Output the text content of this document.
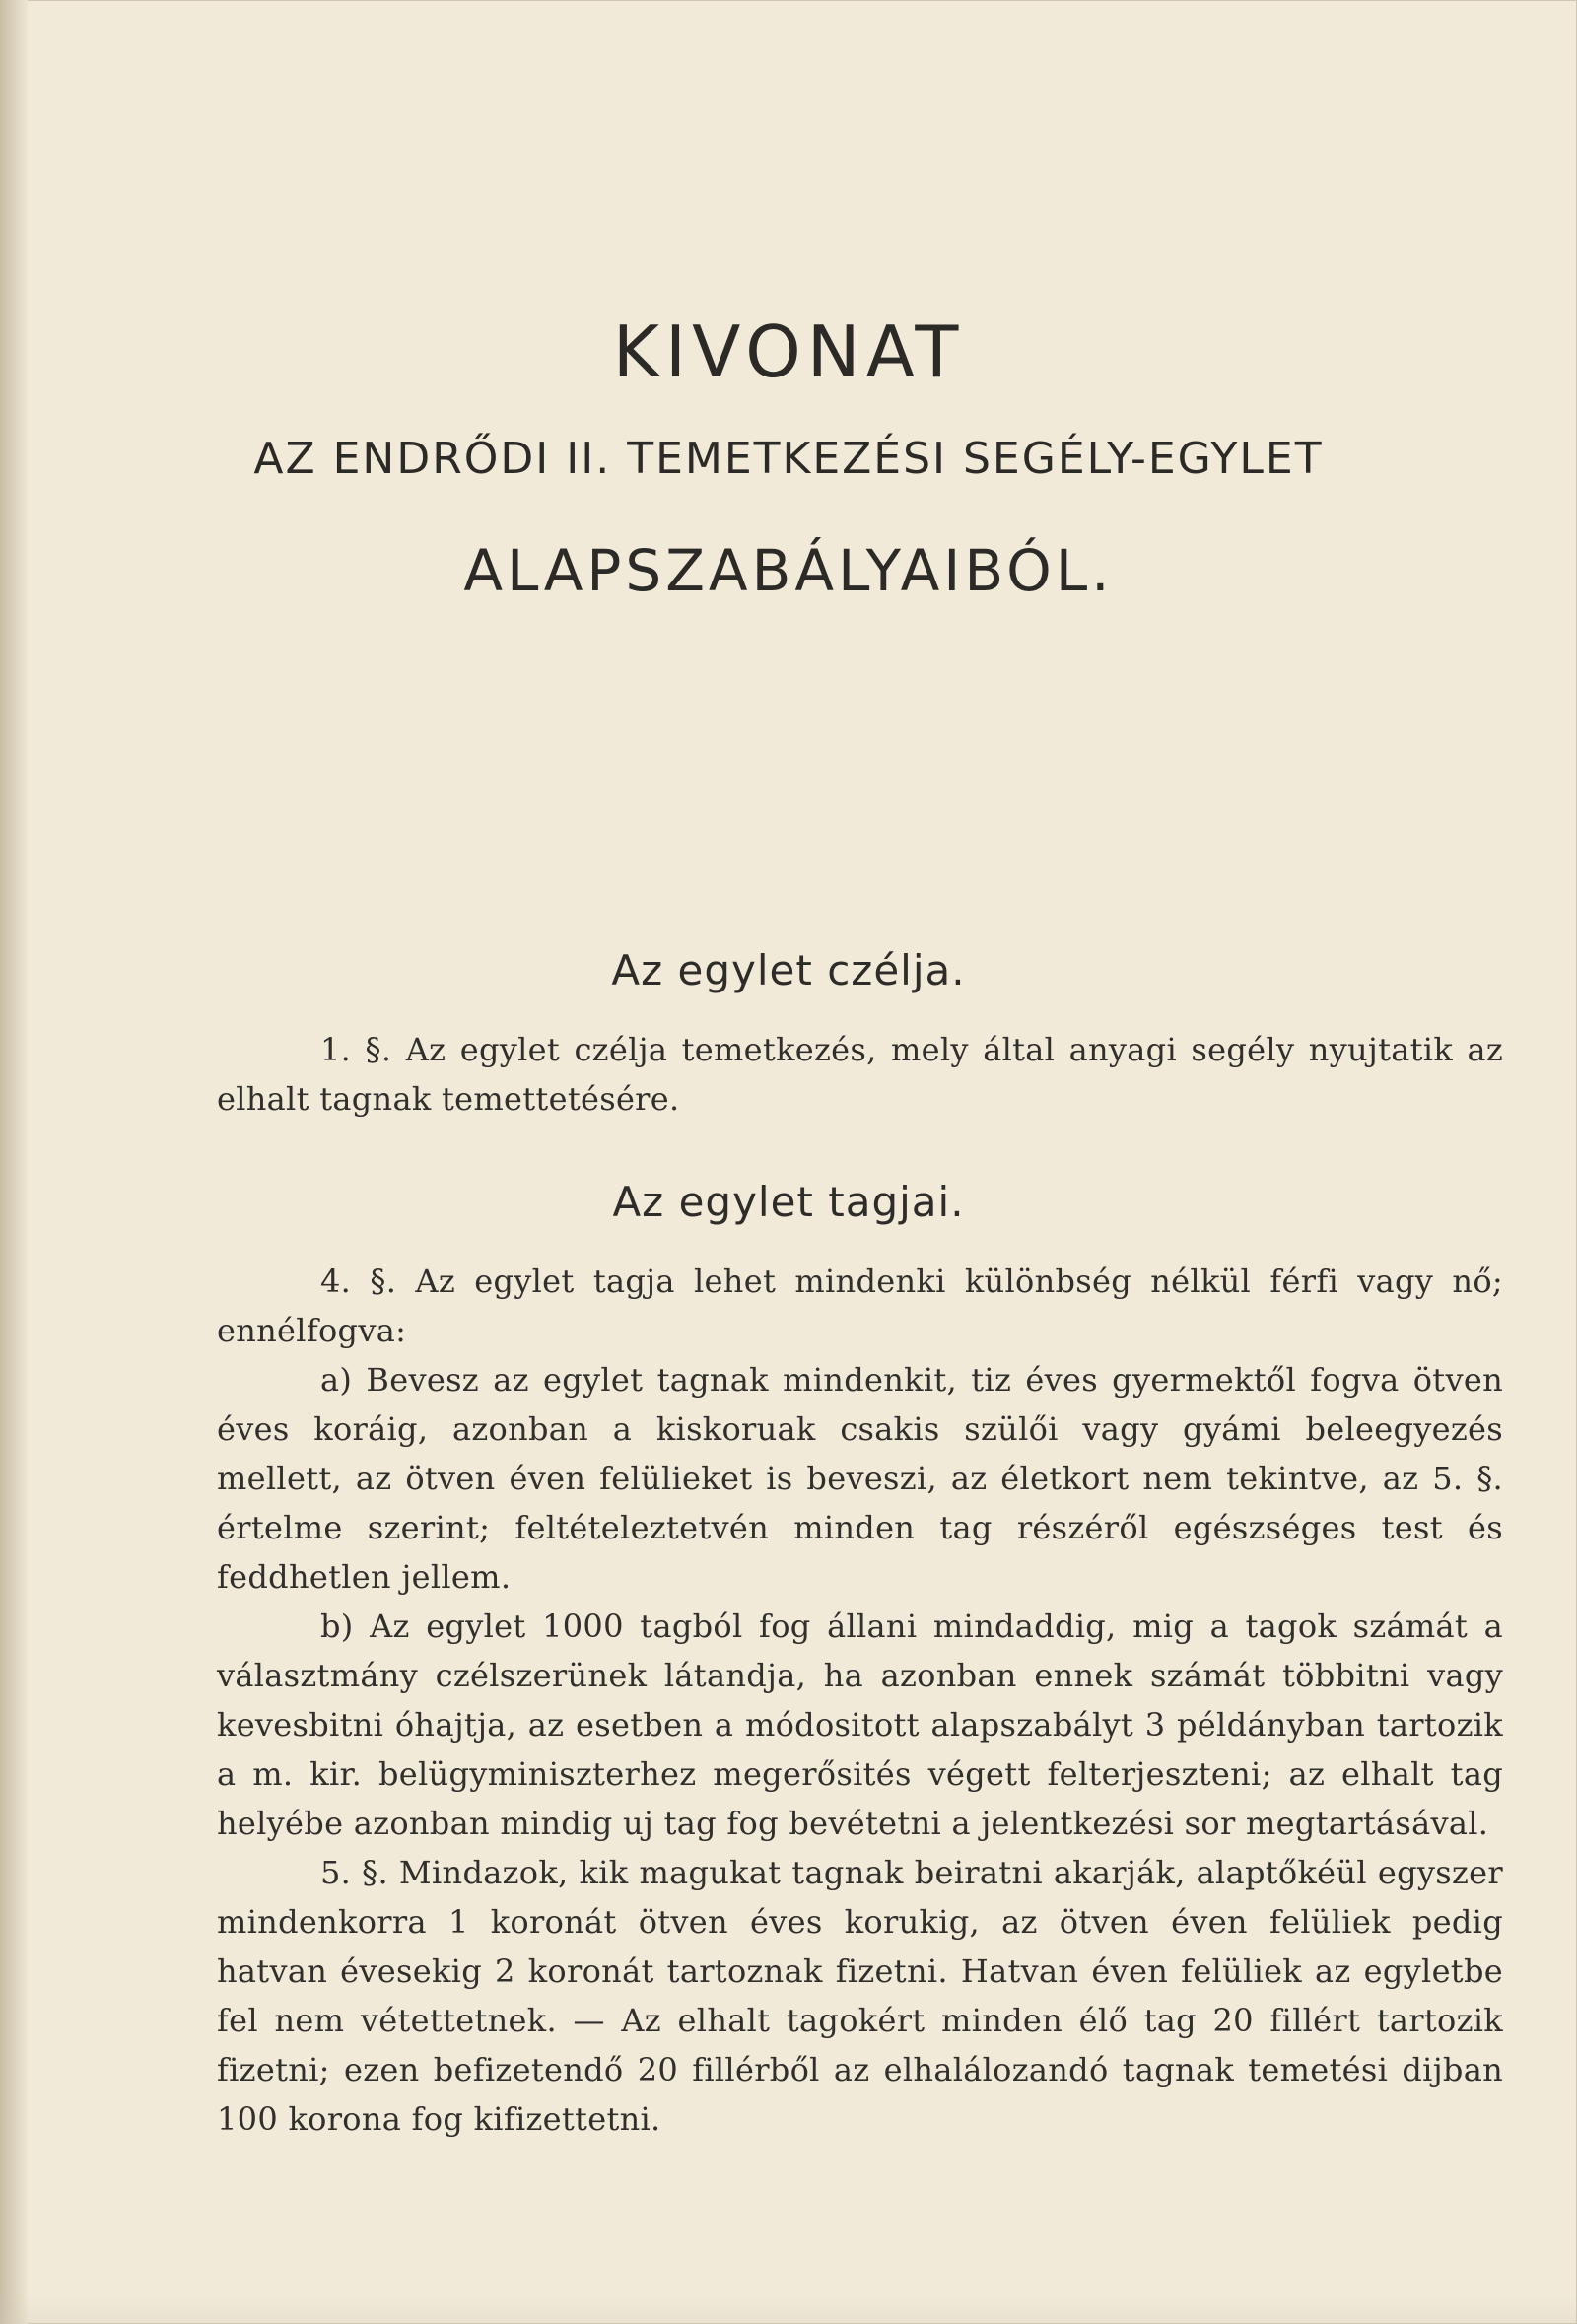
KIVONAT
AZ ENDRŐDI II. TEMETKEZÉSI SEGÉLY-EGYLET
ALAPSZABÁLYAIBÓL.
Az egylet czélja.

1. §. Az egylet czélja temetkezés, mely által anyagi segély nyujtatik az elhalt tagnak temettetésére.

Az egylet tagjai.

4. §. Az egylet tagja lehet mindenki különbség nélkül férfi vagy nő; ennélfogva:

a) Bevesz az egylet tagnak mindenkit, tiz éves gyermektől fogva ötven éves koráig, azonban a kiskoruak csakis szülői vagy gyámi beleegyezés mellett, az ötven éven felülieket is beveszi, az életkort nem tekintve, az 5. §. értelme szerint; feltételeztetvén minden tag részéről egészséges test és feddhetlen jellem.

b) Az egylet 1000 tagból fog állani mindaddig, mig a tagok számát a választmány czélszerünek látandja, ha azonban ennek számát többitni vagy kevesbitni óhajtja, az esetben a módositott alapszabályt 3 példányban tartozik a m. kir. belügyminiszterhez megerősités végett felterjeszteni; az elhalt tag helyébe azonban mindig uj tag fog bevétetni a jelentkezési sor megtartásával.

5. §. Mindazok, kik magukat tagnak beiratni akarják, alaptőkéül egyszer mindenkorra 1 koronát ötven éves korukig, az ötven éven felüliek pedig hatvan évesekig 2 koronát tartoznak fizetni. Hatvan éven felüliek az egyletbe fel nem vétettetnek. — Az elhalt tagokért minden élő tag 20 fillért tartozik fizetni; ezen befizetendő 20 fillérből az elhalálozandó tagnak temetési dijban 100 korona fog kifizettetni.
